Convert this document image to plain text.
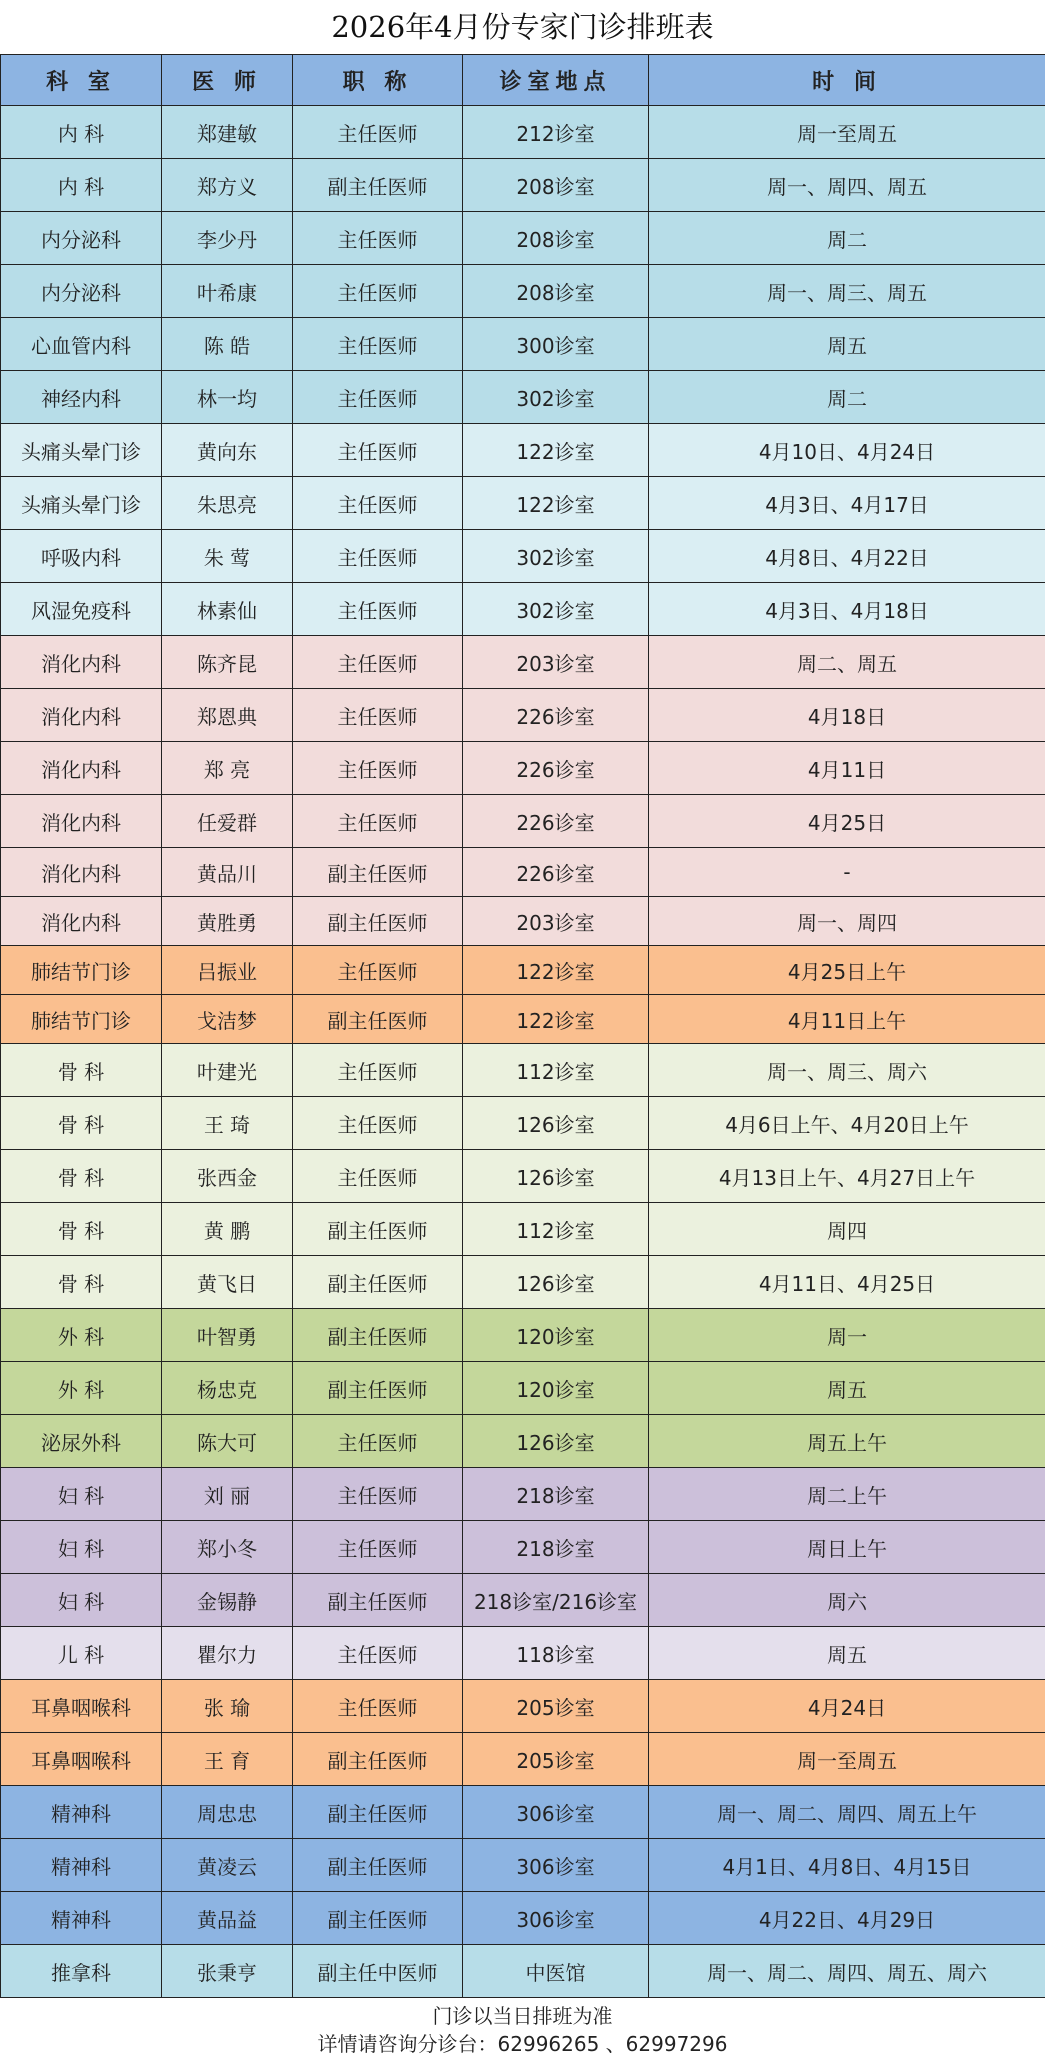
2026年4月份专家门诊排班表
科 室	医 师	职 称	诊室地点	时 间
内 科	郑建敏	主任医师	212诊室	周一至周五
内 科	郑方义	副主任医师	208诊室	周一、周四、周五
内分泌科	李少丹	主任医师	208诊室	周二
内分泌科	叶希康	主任医师	208诊室	周一、周三、周五
心血管内科	陈 皓	主任医师	300诊室	周五
神经内科	林一均	主任医师	302诊室	周二
头痛头晕门诊	黄向东	主任医师	122诊室	4月10日、4月24日
头痛头晕门诊	朱思亮	主任医师	122诊室	4月3日、4月17日
呼吸内科	朱 莺	主任医师	302诊室	4月8日、4月22日
风湿免疫科	林素仙	主任医师	302诊室	4月3日、4月18日
消化内科	陈齐昆	主任医师	203诊室	周二、周五
消化内科	郑恩典	主任医师	226诊室	4月18日
消化内科	郑 亮	主任医师	226诊室	4月11日
消化内科	任爱群	主任医师	226诊室	4月25日
消化内科	黄品川	副主任医师	226诊室	-
消化内科	黄胜勇	副主任医师	203诊室	周一、周四
肺结节门诊	吕振业	主任医师	122诊室	4月25日上午
肺结节门诊	戈洁梦	副主任医师	122诊室	4月11日上午
骨 科	叶建光	主任医师	112诊室	周一、周三、周六
骨 科	王 琦	主任医师	126诊室	4月6日上午、4月20日上午
骨 科	张西金	主任医师	126诊室	4月13日上午、4月27日上午
骨 科	黄 鹏	副主任医师	112诊室	周四
骨 科	黄飞日	副主任医师	126诊室	4月11日、4月25日
外 科	叶智勇	副主任医师	120诊室	周一
外 科	杨忠克	副主任医师	120诊室	周五
泌尿外科	陈大可	主任医师	126诊室	周五上午
妇 科	刘 丽	主任医师	218诊室	周二上午
妇 科	郑小冬	主任医师	218诊室	周日上午
妇 科	金锡静	副主任医师	218诊室/216诊室	周六
儿 科	瞿尔力	主任医师	118诊室	周五
耳鼻咽喉科	张 瑜	主任医师	205诊室	4月24日
耳鼻咽喉科	王 育	副主任医师	205诊室	周一至周五
精神科	周忠忠	副主任医师	306诊室	周一、周二、周四、周五上午
精神科	黄凌云	副主任医师	306诊室	4月1日、4月8日、4月15日
精神科	黄品益	副主任医师	306诊室	4月22日、4月29日
推拿科	张秉亨	副主任中医师	中医馆	周一、周二、周四、周五、周六
门诊以当日排班为准
详情请咨询分诊台：62996265 、62997296
